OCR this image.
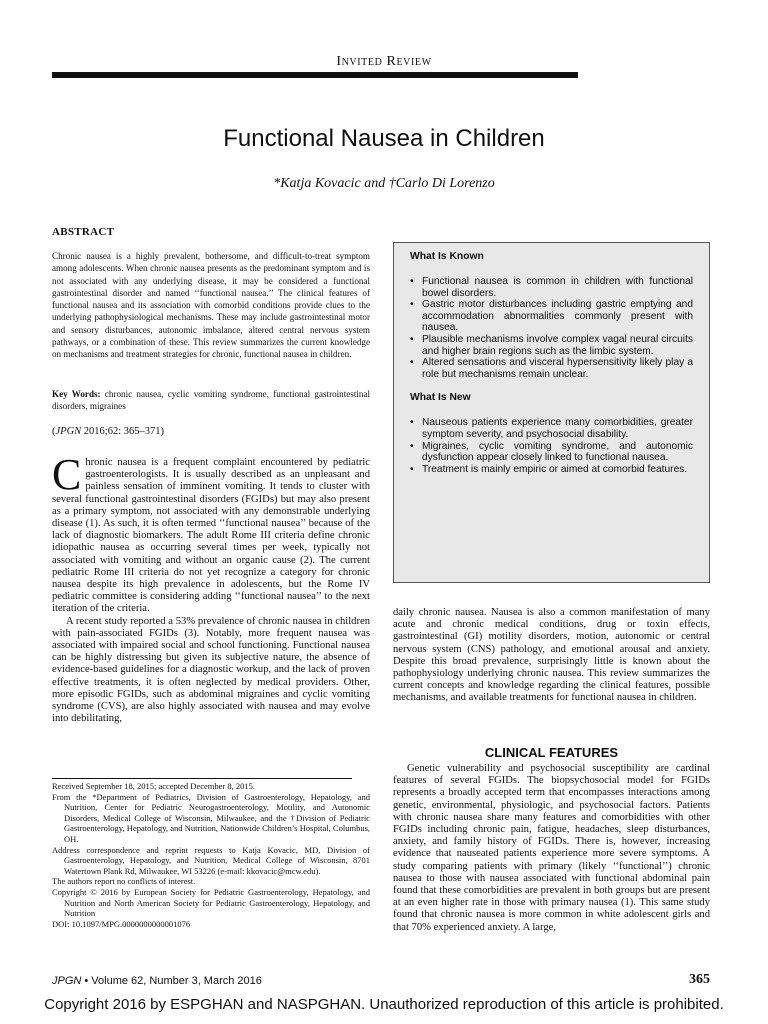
Invited Review
Functional Nausea in Children
*Katja Kovacic and †Carlo Di Lorenzo
ABSTRACT
Chronic nausea is a highly prevalent, bothersome, and difficult-to-treat symptom among adolescents. When chronic nausea presents as the predominant symptom and is not associated with any underlying disease, it may be considered a functional gastrointestinal disorder and named ‘‘functional nausea.’’ The clinical features of functional nausea and its association with comorbid conditions provide clues to the underlying pathophysiological mechanisms. These may include gastrointestinal motor and sensory disturbances, autonomic imbalance, altered central nervous system pathways, or a combination of these. This review summarizes the current knowledge on mechanisms and treatment strategies for chronic, functional nausea in children.
Key Words: chronic nausea, cyclic vomiting syndrome, functional gastrointestinal disorders, migraines
(JPGN 2016;62: 365–371)

Chronic nausea is a frequent complaint encountered by pediatric gastroenterologists. It is usually described as an unpleasant and painless sensation of imminent vomiting. It tends to cluster with several functional gastrointestinal disorders (FGIDs) but may also present as a primary symptom, not associated with any demonstrable underlying disease (1). As such, it is often termed ‘‘functional nausea’’ because of the lack of diagnostic biomarkers. The adult Rome III criteria define chronic idiopathic nausea as occurring several times per week, typically not associated with vomiting and without an organic cause (2). The current pediatric Rome III criteria do not yet recognize a category for chronic nausea despite its high prevalence in adolescents, but the Rome IV pediatric committee is considering adding ‘‘functional nausea’’ to the next iteration of the criteria.

A recent study reported a 53% prevalence of chronic nausea in children with pain-associated FGIDs (3). Notably, more frequent nausea was associated with impaired social and school functioning. Functional nausea can be highly distressing but given its subjective nature, the absence of evidence-based guidelines for a diagnostic workup, and the lack of proven effective treatments, it is often neglected by medical providers. Other, more episodic FGIDs, such as abdominal migraines and cyclic vomiting syndrome (CVS), are also highly associated with nausea and may evolve into debilitating,

Received September 18, 2015; accepted December 8, 2015.
From the *Department of Pediatrics, Division of Gastroenterology, Hepatology, and Nutrition, Center for Pediatric Neurogastroenterology, Motility, and Autonomic Disorders, Medical College of Wisconsin, Milwaukee, and the †Division of Pediatric Gastroenterology, Hepatology, and Nutrition, Nationwide Children’s Hospital, Columbus, OH.
Address correspondence and reprint requests to Katja Kovacic, MD, Division of Gastroenterology, Hepatology, and Nutrition, Medical College of Wisconsin, 8701 Watertown Plank Rd, Milwaukee, WI 53226 (e-mail: kkovacic@mcw.edu).
The authors report no conflicts of interest.
Copyright © 2016 by European Society for Pediatric Gastroenterology, Hepatology, and Nutrition and North American Society for Pediatric Gastroenterology, Hepatology, and Nutrition
DOI: 10.1097/MPG.0000000000001076
What Is Known
• Functional nausea is common in children with functional bowel disorders.
• Gastric motor disturbances including gastric emptying and accommodation abnormalities commonly present with nausea.
• Plausible mechanisms involve complex vagal neural circuits and higher brain regions such as the limbic system.
• Altered sensations and visceral hypersensitivity likely play a role but mechanisms remain unclear.
What Is New
• Nauseous patients experience many comorbidities, greater symptom severity, and psychosocial disability.
• Migraines, cyclic vomiting syndrome, and autonomic dysfunction appear closely linked to functional nausea.
• Treatment is mainly empiric or aimed at comorbid features.
daily chronic nausea. Nausea is also a common manifestation of many acute and chronic medical conditions, drug or toxin effects, gastrointestinal (GI) motility disorders, motion, autonomic or central nervous system (CNS) pathology, and emotional arousal and anxiety. Despite this broad prevalence, surprisingly little is known about the pathophysiology underlying chronic nausea. This review summarizes the current concepts and knowledge regarding the clinical features, possible mechanisms, and available treatments for functional nausea in children.
CLINICAL FEATURES
Genetic vulnerability and psychosocial susceptibility are cardinal features of several FGIDs. The biopsychosocial model for FGIDs represents a broadly accepted term that encompasses interactions among genetic, environmental, physiologic, and psychosocial factors. Patients with chronic nausea share many features and comorbidities with other FGIDs including chronic pain, fatigue, headaches, sleep disturbances, anxiety, and family history of FGIDs. There is, however, increasing evidence that nauseated patients experience more severe symptoms. A study comparing patients with primary (likely ‘‘functional’’) chronic nausea to those with nausea associated with functional abdominal pain found that these comorbidities are prevalent in both groups but are present at an even higher rate in those with primary nausea (1). This same study found that chronic nausea is more common in white adolescent girls and that 70% experienced anxiety. A large,
JPGN • Volume 62, Number 3, March 2016	365
Copyright 2016 by ESPGHAN and NASPGHAN. Unauthorized reproduction of this article is prohibited.
